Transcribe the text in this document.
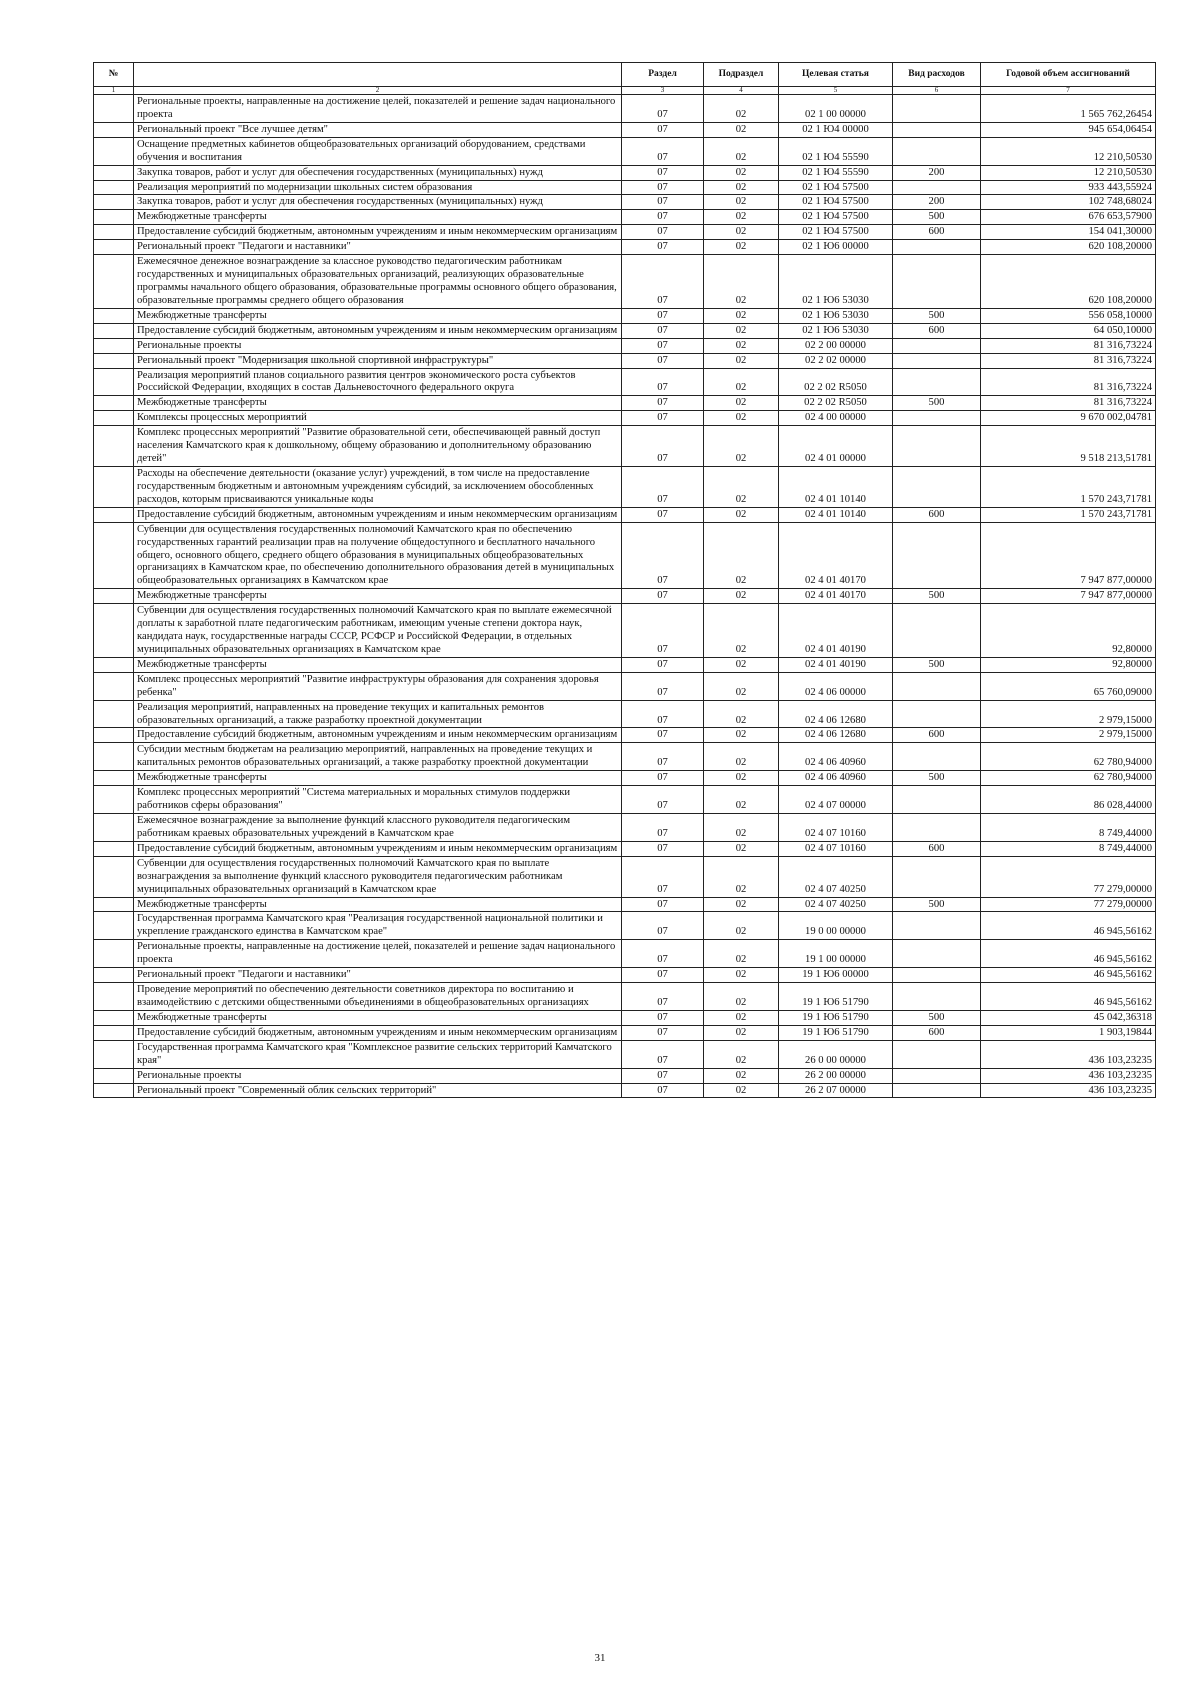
№		Раздел	Подраздел	Целевая статья	Вид расходов	Годовой объем ассигнований
1	2	3	4	5	6	7
	Региональные проекты, направленные на достижение целей, показателей и решение задач национального проекта	07	02	02 1 00 00000		1 565 762,26454
	Региональный проект "Все лучшее детям"	07	02	02 1 Ю4 00000		945 654,06454
	Оснащение предметных кабинетов общеобразовательных организаций оборудованием, средствами обучения и воспитания	07	02	02 1 Ю4 55590		12 210,50530
	Закупка товаров, работ и услуг для обеспечения государственных (муниципальных) нужд	07	02	02 1 Ю4 55590	200	12 210,50530
	Реализация мероприятий по модернизации школьных систем образования	07	02	02 1 Ю4 57500		933 443,55924
	Закупка товаров, работ и услуг для обеспечения государственных (муниципальных) нужд	07	02	02 1 Ю4 57500	200	102 748,68024
	Межбюджетные трансферты	07	02	02 1 Ю4 57500	500	676 653,57900
	Предоставление субсидий бюджетным, автономным учреждениям и иным некоммерческим организациям	07	02	02 1 Ю4 57500	600	154 041,30000
	Региональный проект "Педагоги и наставники"	07	02	02 1 Ю6 00000		620 108,20000
	Ежемесячное денежное вознаграждение за классное руководство педагогическим работникам государственных и муниципальных образовательных организаций, реализующих образовательные программы начального общего образования, образовательные программы основного общего образования, образовательные программы среднего общего образования	07	02	02 1 Ю6 53030		620 108,20000
	Межбюджетные трансферты	07	02	02 1 Ю6 53030	500	556 058,10000
	Предоставление субсидий бюджетным, автономным учреждениям и иным некоммерческим организациям	07	02	02 1 Ю6 53030	600	64 050,10000
	Региональные проекты	07	02	02 2 00 00000		81 316,73224
	Региональный проект "Модернизация школьной спортивной инфраструктуры"	07	02	02 2 02 00000		81 316,73224
	Реализация мероприятий планов социального развития центров экономического роста субъектов Российской Федерации, входящих в состав Дальневосточного федерального округа	07	02	02 2 02 R5050		81 316,73224
	Межбюджетные трансферты	07	02	02 2 02 R5050	500	81 316,73224
	Комплексы процессных мероприятий	07	02	02 4 00 00000		9 670 002,04781
	Комплекс процессных мероприятий "Развитие образовательной сети, обеспечивающей равный доступ населения Камчатского края к дошкольному, общему образованию и дополнительному образованию детей"	07	02	02 4 01 00000		9 518 213,51781
	Расходы на обеспечение деятельности (оказание услуг) учреждений, в том числе на предоставление государственным бюджетным и автономным учреждениям субсидий, за исключением обособленных расходов, которым присваиваются уникальные коды	07	02	02 4 01 10140		1 570 243,71781
	Предоставление субсидий бюджетным, автономным учреждениям и иным некоммерческим организациям	07	02	02 4 01 10140	600	1 570 243,71781
	Субвенции для осуществления государственных полномочий Камчатского края по обеспечению государственных гарантий реализации прав на получение общедоступного и бесплатного начального общего, основного общего, среднего общего образования в муниципальных общеобразовательных организациях в Камчатском крае, по обеспечению дополнительного образования детей в муниципальных общеобразовательных организациях в Камчатском крае	07	02	02 4 01 40170		7 947 877,00000
	Межбюджетные трансферты	07	02	02 4 01 40170	500	7 947 877,00000
	Субвенции для осуществления государственных полномочий Камчатского края по выплате ежемесячной доплаты к заработной плате педагогическим работникам, имеющим ученые степени доктора наук, кандидата наук, государственные награды СССР, РСФСР и Российской Федерации, в отдельных муниципальных образовательных организациях в Камчатском крае	07	02	02 4 01 40190		92,80000
	Межбюджетные трансферты	07	02	02 4 01 40190	500	92,80000
	Комплекс процессных мероприятий "Развитие инфраструктуры образования для сохранения здоровья ребенка"	07	02	02 4 06 00000		65 760,09000
	Реализация мероприятий, направленных на проведение текущих и капитальных ремонтов образовательных организаций, а также разработку проектной документации	07	02	02 4 06 12680		2 979,15000
	Предоставление субсидий бюджетным, автономным учреждениям и иным некоммерческим организациям	07	02	02 4 06 12680	600	2 979,15000
	Субсидии местным бюджетам на реализацию мероприятий, направленных на проведение текущих и капитальных ремонтов образовательных организаций, а также разработку проектной документации	07	02	02 4 06 40960		62 780,94000
	Межбюджетные трансферты	07	02	02 4 06 40960	500	62 780,94000
	Комплекс процессных мероприятий "Система материальных и моральных стимулов поддержки работников сферы образования"	07	02	02 4 07 00000		86 028,44000
	Ежемесячное вознаграждение за выполнение функций классного руководителя педагогическим работникам краевых образовательных учреждений в Камчатском крае	07	02	02 4 07 10160		8 749,44000
	Предоставление субсидий бюджетным, автономным учреждениям и иным некоммерческим организациям	07	02	02 4 07 10160	600	8 749,44000
	Субвенции для осуществления государственных полномочий Камчатского края по выплате вознаграждения за выполнение функций классного руководителя педагогическим работникам муниципальных образовательных организаций в Камчатском крае	07	02	02 4 07 40250		77 279,00000
	Межбюджетные трансферты	07	02	02 4 07 40250	500	77 279,00000
	Государственная программа Камчатского края "Реализация государственной национальной политики и укрепление гражданского единства в Камчатском крае"	07	02	19 0 00 00000		46 945,56162
	Региональные проекты, направленные на достижение целей, показателей и решение задач национального проекта	07	02	19 1 00 00000		46 945,56162
	Региональный проект "Педагоги и наставники"	07	02	19 1 Ю6 00000		46 945,56162
	Проведение мероприятий по обеспечению деятельности советников директора по воспитанию и взаимодействию с детскими общественными объединениями в общеобразовательных организациях	07	02	19 1 Ю6 51790		46 945,56162
	Межбюджетные трансферты	07	02	19 1 Ю6 51790	500	45 042,36318
	Предоставление субсидий бюджетным, автономным учреждениям и иным некоммерческим организациям	07	02	19 1 Ю6 51790	600	1 903,19844
	Государственная программа Камчатского края "Комплексное развитие сельских территорий Камчатского края"	07	02	26 0 00 00000		436 103,23235
	Региональные проекты	07	02	26 2 00 00000		436 103,23235
	Региональный проект "Современный облик сельских территорий"	07	02	26 2 07 00000		436 103,23235
31
